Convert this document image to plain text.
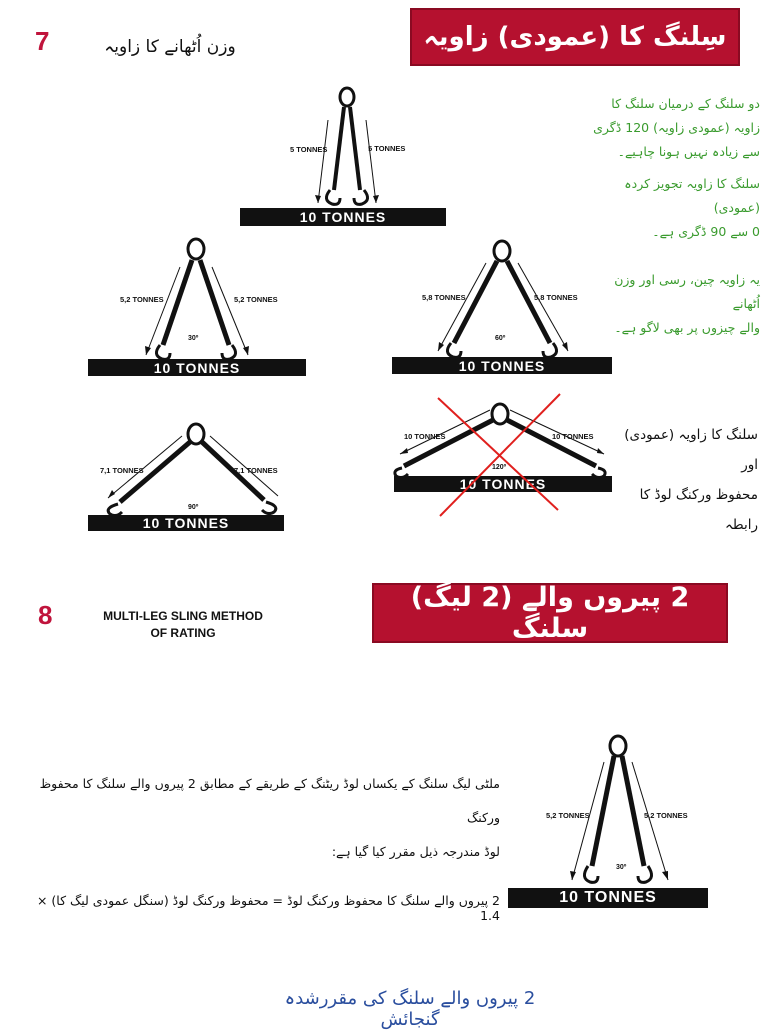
7	وزن اُٹھانے کا زاویہ	سِلنگ کا (عمودی) زاویہ
5 TONNES	5 TONNES
10 TONNES
5,2 TONNES	5,2 TONNES
30º
10 TONNES
5,8 TONNES	5,8 TONNES
60º
10 TONNES
دو سلنگ کے درمیان سلنگ کا
زاویہ (عمودی زاویہ) 120 ڈگری
سے زیادہ نہیں ہونا چاہیے۔
سلنگ کا زاویہ تجویز کردہ (عمودی)
0 سے 90 ڈگری ہے۔
یہ زاویہ چین، رسی اور وزن اُٹھانے
والے چیزوں پر بھی لاگو ہے۔
7,1 TONNES	7,1 TONNES
90º
10 TONNES
10 TONNES	10 TONNES
120º
10 TONNES
سلنگ کا زاویہ (عمودی) اور
محفوظ ورکنگ لوڈ کا رابطہ
8	MULTI-LEG SLING METHOD
OF RATING
2 پیروں والے (2 لیگ) سلنگ
ملٹی لیگ سلنگ کے یکساں لوڈ ریٹنگ کے طریقے کے مطابق 2 پیروں والے سلنگ کا محفوظ ورکنگ
لوڈ مندرجہ ذیل مقرر کیا گیا ہے:
2 پیروں والے سلنگ کا محفوظ ورکنگ لوڈ = محفوظ ورکنگ لوڈ (سنگل عمودی لیگ کا) × 1.4
5,2 TONNES	5,2 TONNES
30º
10 TONNES
2 پیروں والے سلنگ کی مقررشدہ گنجائش
